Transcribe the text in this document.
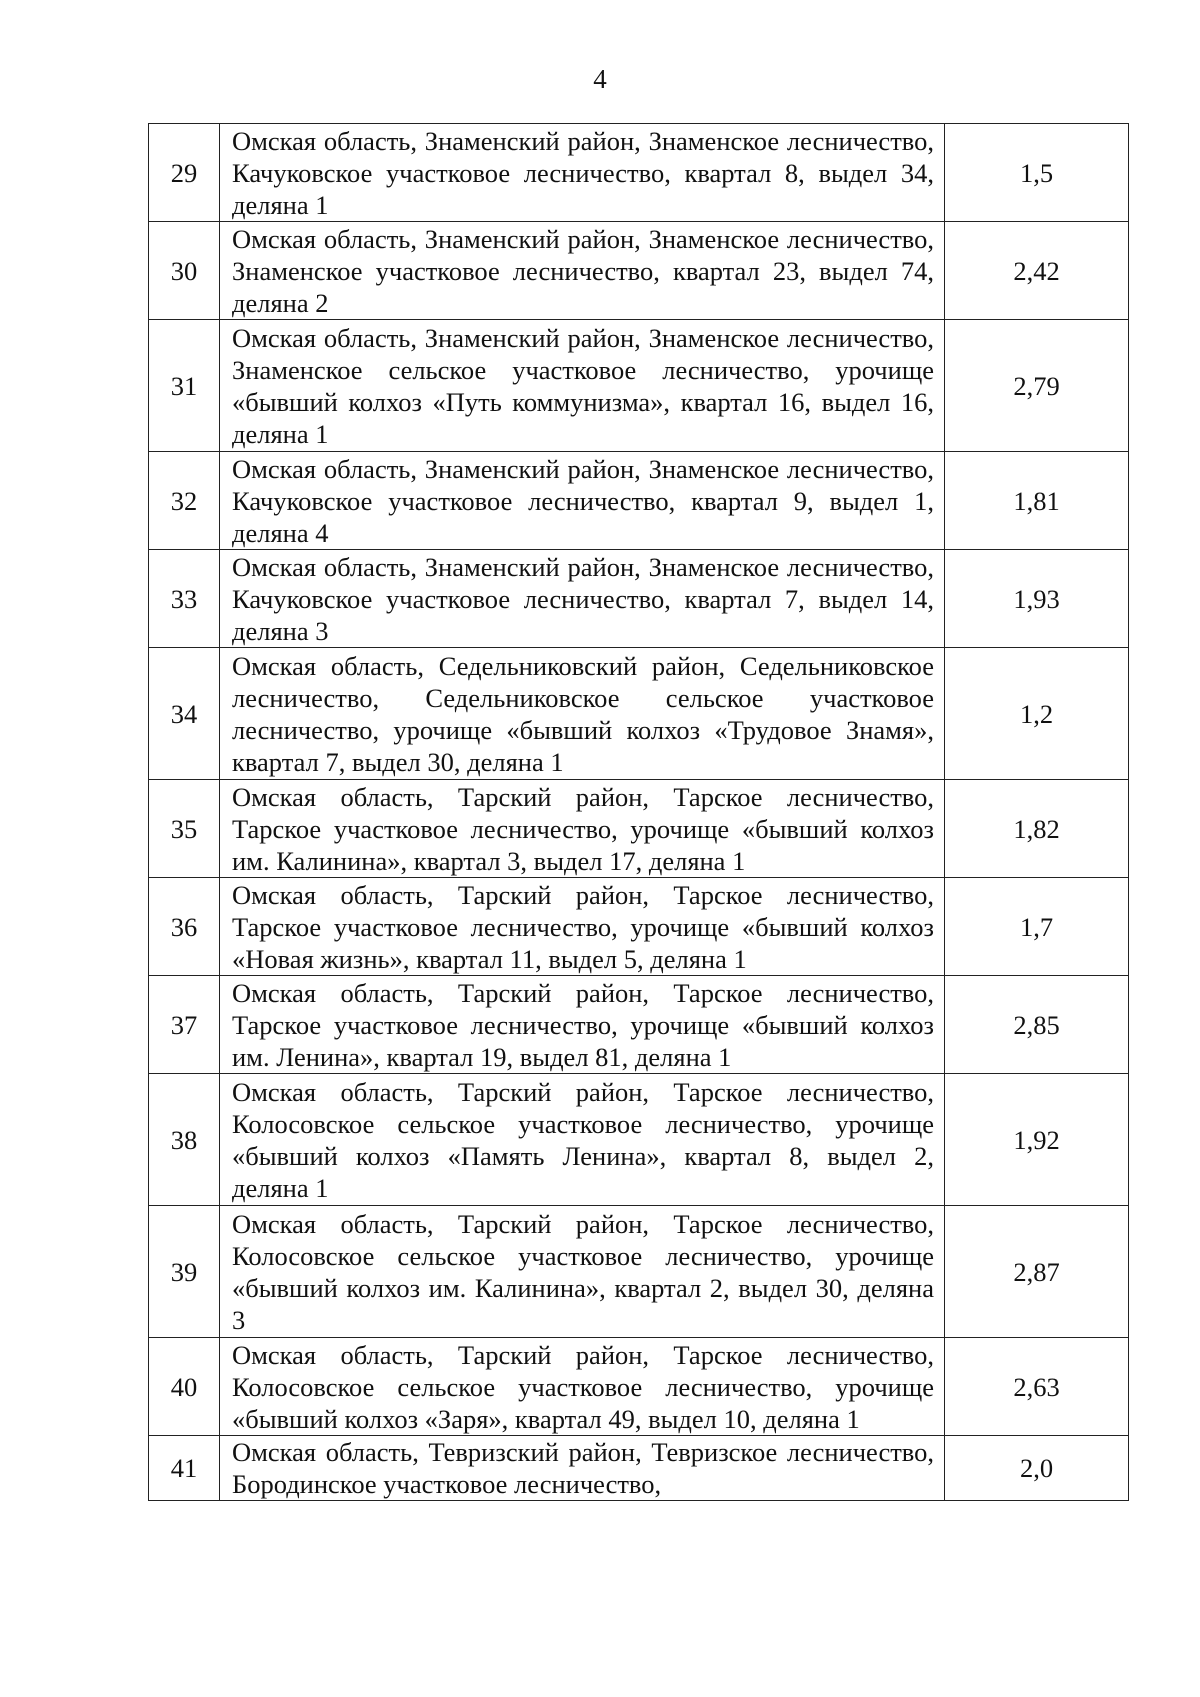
4
29	Омская область, Знаменский район, Знаменское лесничество, Качуковское участковое лесничество, квартал 8, выдел 34, деляна 1	1,5
30	Омская область, Знаменский район, Знаменское лесничество, Знаменское участковое лесничество, квартал 23, выдел 74, деляна 2	2,42
31	Омская область, Знаменский район, Знаменское лесничество, Знаменское сельское участковое лесничество, урочище «бывший колхоз «Путь коммунизма», квартал 16, выдел 16, деляна 1	2,79
32	Омская область, Знаменский район, Знаменское лесничество, Качуковское участковое лесничество, квартал 9, выдел 1, деляна 4	1,81
33	Омская область, Знаменский район, Знаменское лесничество, Качуковское участковое лесничество, квартал 7, выдел 14, деляна 3	1,93
34	Омская область, Седельниковский район, Седельниковское лесничество, Седельниковское сельское участковое лесничество, урочище «бывший колхоз «Трудовое Знамя», квартал 7, выдел 30, деляна 1	1,2
35	Омская область, Тарский район, Тарское лесничество, Тарское участковое лесничество, урочище «бывший колхоз им. Калинина», квартал 3, выдел 17, деляна 1	1,82
36	Омская область, Тарский район, Тарское лесничество, Тарское участковое лесничество, урочище «бывший колхоз «Новая жизнь», квартал 11, выдел 5, деляна 1	1,7
37	Омская область, Тарский район, Тарское лесничество, Тарское участковое лесничество, урочище «бывший колхоз им. Ленина», квартал 19, выдел 81, деляна 1	2,85
38	Омская область, Тарский район, Тарское лесничество, Колосовское сельское участковое лесничество, урочище «бывший колхоз «Память Ленина», квартал 8, выдел 2, деляна 1	1,92
39	Омская область, Тарский район, Тарское лесничество, Колосовское сельское участковое лесничество, урочище «бывший колхоз им. Калинина», квартал 2, выдел 30, деляна 3	2,87
40	Омская область, Тарский район, Тарское лесничество, Колосовское сельское участковое лесничество, урочище «бывший колхоз «Заря», квартал 49, выдел 10, деляна 1	2,63
41	Омская область, Тевризский район, Тевризское лесничество, Бородинское участковое лесничество,	2,0
